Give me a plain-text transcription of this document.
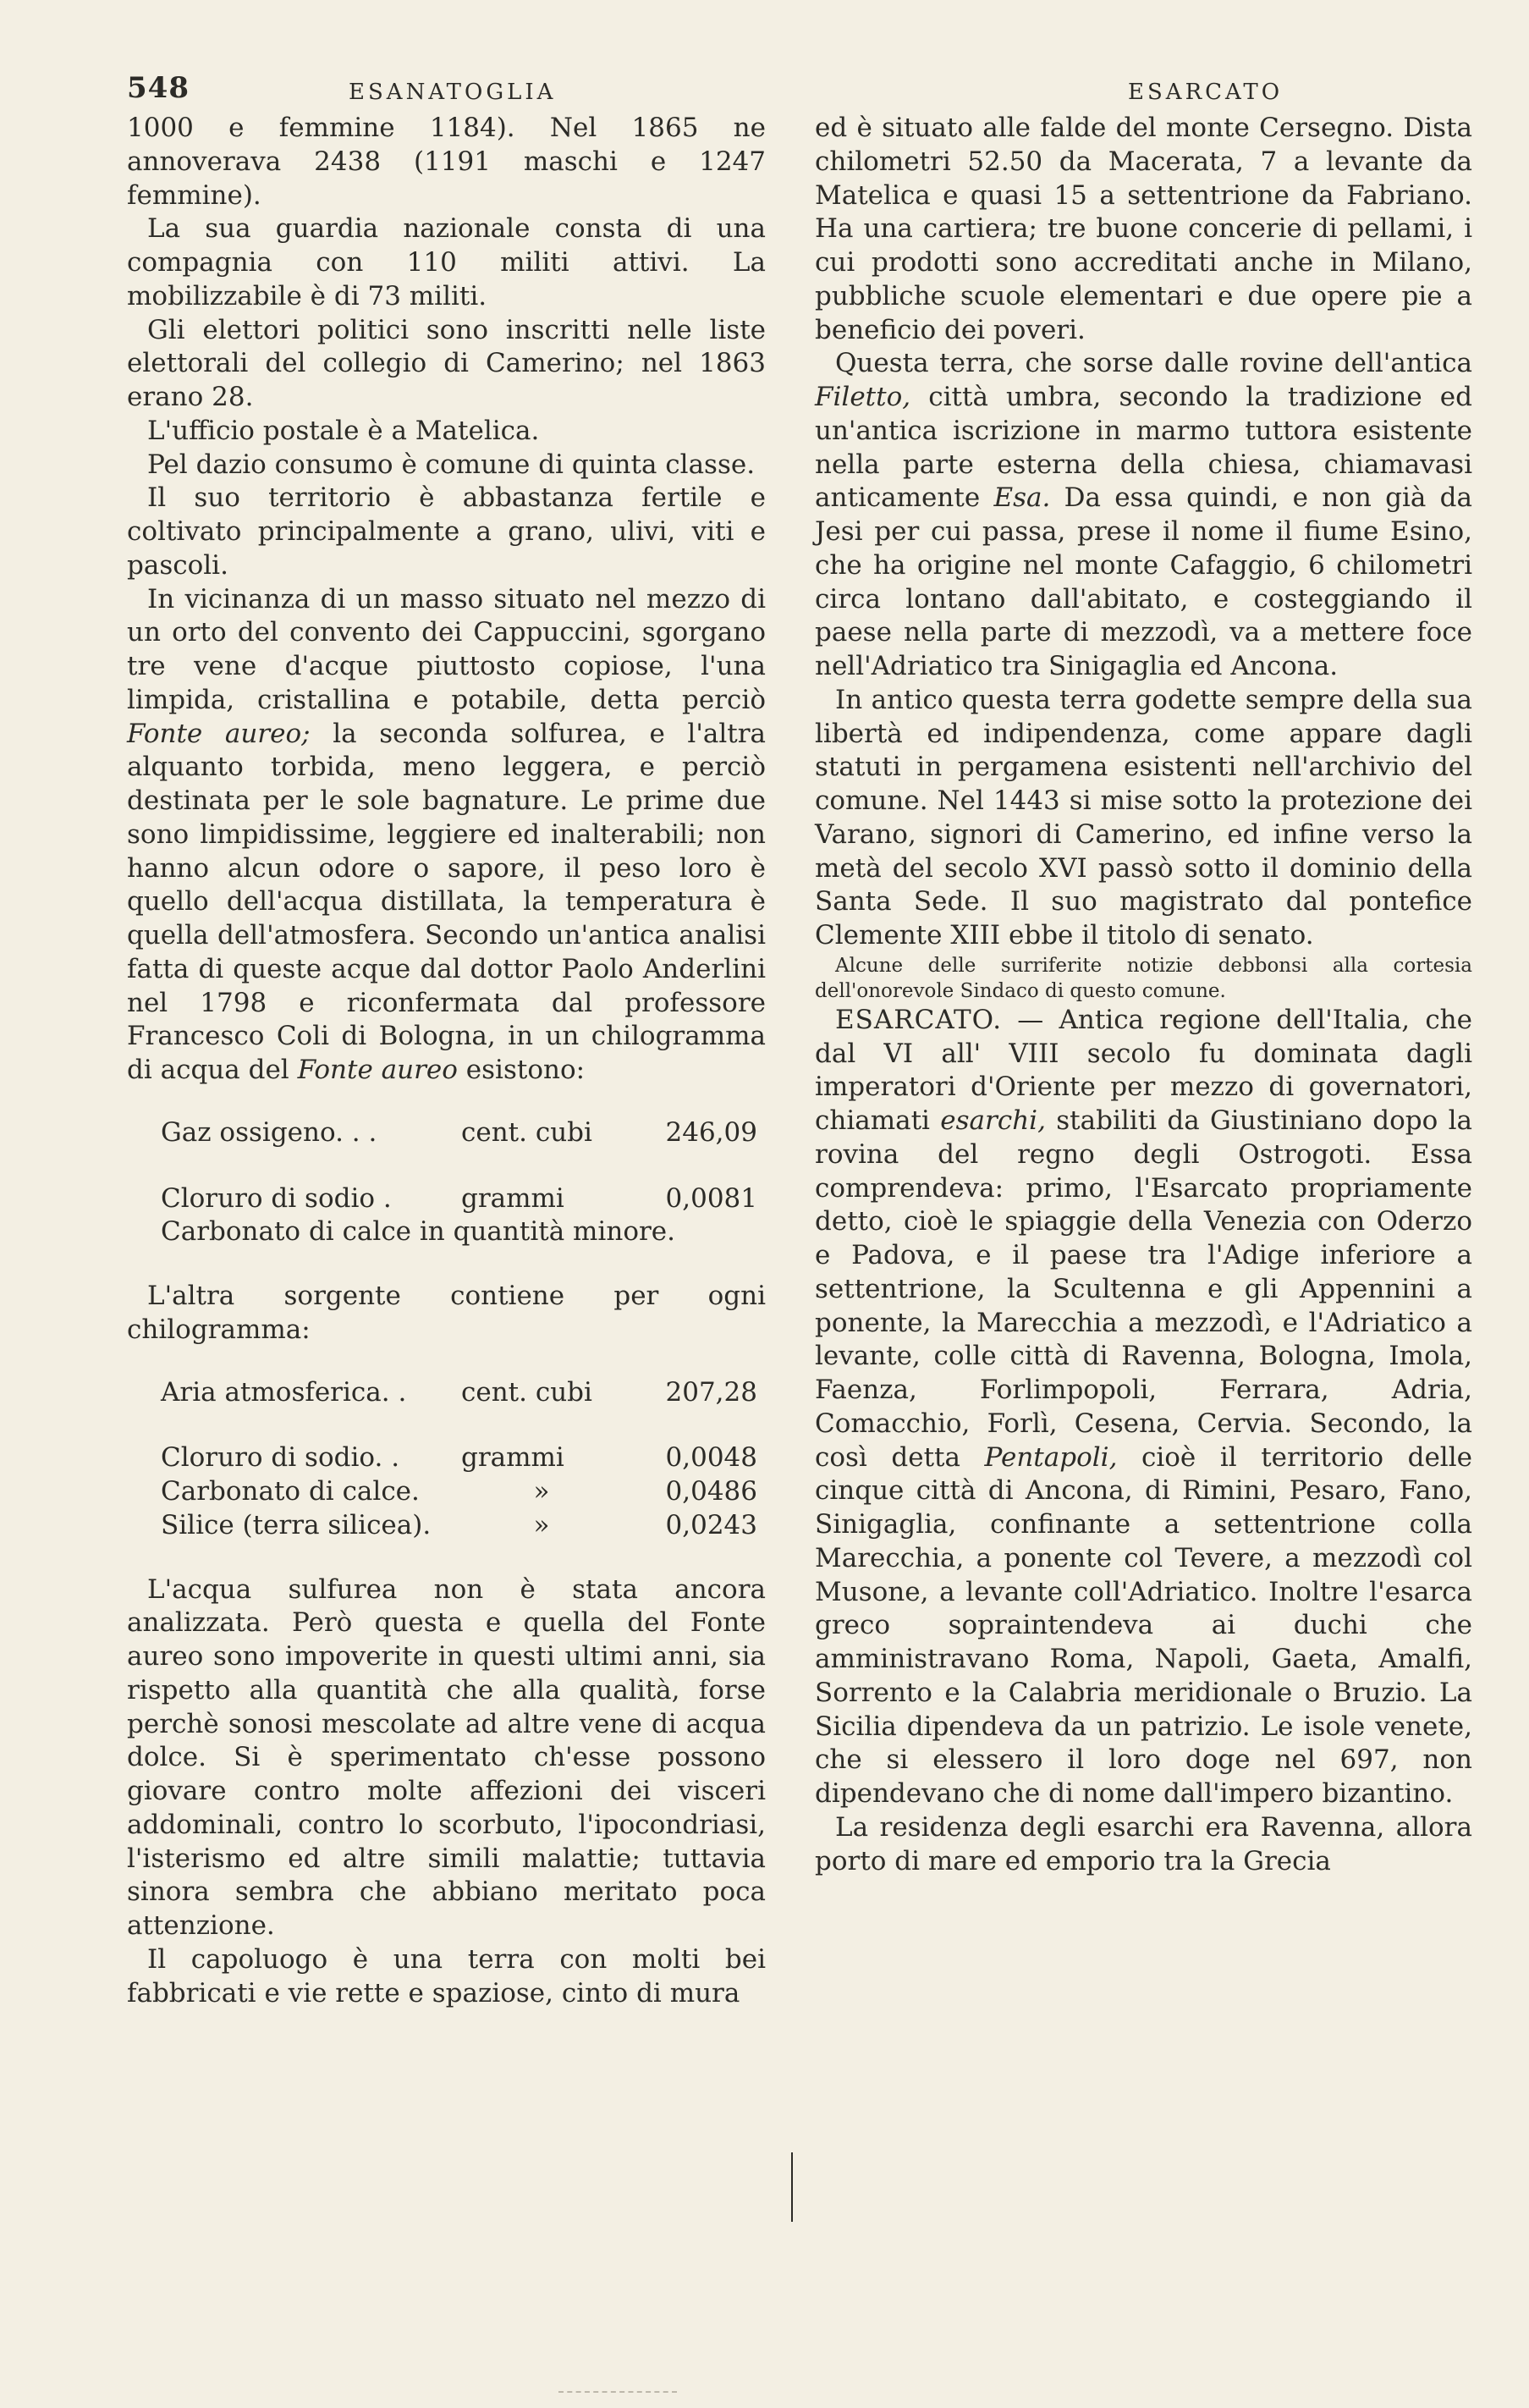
548	ESANATOGLIA	ESARCATO

1000 e femmine 1184). Nel 1865 ne annoverava 2438 (1191 maschi e 1247 femmine).

La sua guardia nazionale consta di una compagnia con 110 militi attivi. La mobilizzabile è di 73 militi.

Gli elettori politici sono inscritti nelle liste elettorali del collegio di Camerino; nel 1863 erano 28.

L'ufficio postale è a Matelica.

Pel dazio consumo è comune di quinta classe.

Il suo territorio è abbastanza fertile e coltivato principalmente a grano, ulivi, viti e pascoli.

In vicinanza di un masso situato nel mezzo di un orto del convento dei Cappuccini, sgorgano tre vene d'acque piuttosto copiose, l'una limpida, cristallina e potabile, detta perciò Fonte aureo; la seconda solfurea, e l'altra alquanto torbida, meno leggera, e perciò destinata per le sole bagnature. Le prime due sono limpidissime, leggiere ed inalterabili; non hanno alcun odore o sapore, il peso loro è quello dell'acqua distillata, la temperatura è quella dell'atmosfera. Secondo un'antica analisi fatta di queste acque dal dottor Paolo Anderlini nel 1798 e riconfermata dal professore Francesco Coli di Bologna, in un chilogramma di acqua del Fonte aureo esistono:

Gaz ossigeno. . .	cent. cubi	246,09
Cloruro di sodio .	grammi	0,0081
Carbonato di calce in quantità minore.

L'altra sorgente contiene per ogni chilogramma:

Aria atmosferica. .	cent. cubi	207,28
Cloruro di sodio. .	grammi	0,0048
Carbonato di calce.	»	0,0486
Silice (terra silicea).	»	0,0243

L'acqua sulfurea non è stata ancora analizzata. Però questa e quella del Fonte aureo sono impoverite in questi ultimi anni, sia rispetto alla quantità che alla qualità, forse perchè sonosi mescolate ad altre vene di acqua dolce. Si è sperimentato ch'esse possono giovare contro molte affezioni dei visceri addominali, contro lo scorbuto, l'ipocondriasi, l'isterismo ed altre simili malattie; tuttavia sinora sembra che abbiano meritato poca attenzione.

Il capoluogo è una terra con molti bei fabbricati e vie rette e spaziose, cinto di mura

ed è situato alle falde del monte Cersegno. Dista chilometri 52.50 da Macerata, 7 a levante da Matelica e quasi 15 a settentrione da Fabriano. Ha una cartiera; tre buone concerie di pellami, i cui prodotti sono accreditati anche in Milano, pubbliche scuole elementari e due opere pie a beneficio dei poveri.

Questa terra, che sorse dalle rovine dell'antica Filetto, città umbra, secondo la tradizione ed un'antica iscrizione in marmo tuttora esistente nella parte esterna della chiesa, chiamavasi anticamente Esa. Da essa quindi, e non già da Jesi per cui passa, prese il nome il fiume Esino, che ha origine nel monte Cafaggio, 6 chilometri circa lontano dall'abitato, e costeggiando il paese nella parte di mezzodì, va a mettere foce nell'Adriatico tra Sinigaglia ed Ancona.

In antico questa terra godette sempre della sua libertà ed indipendenza, come appare dagli statuti in pergamena esistenti nell'archivio del comune. Nel 1443 si mise sotto la protezione dei Varano, signori di Camerino, ed infine verso la metà del secolo XVI passò sotto il dominio della Santa Sede. Il suo magistrato dal pontefice Clemente XIII ebbe il titolo di senato.

Alcune delle surriferite notizie debbonsi alla cortesia dell'onorevole Sindaco di questo comune.

ESARCATO. — Antica regione dell'Italia, che dal VI all' VIII secolo fu dominata dagli imperatori d'Oriente per mezzo di governatori, chiamati esarchi, stabiliti da Giustiniano dopo la rovina del regno degli Ostrogoti. Essa comprendeva: primo, l'Esarcato propriamente detto, cioè le spiaggie della Venezia con Oderzo e Padova, e il paese tra l'Adige inferiore a settentrione, la Scultenna e gli Appennini a ponente, la Marecchia a mezzodì, e l'Adriatico a levante, colle città di Ravenna, Bologna, Imola, Faenza, Forlimpopoli, Ferrara, Adria, Comacchio, Forlì, Cesena, Cervia. Secondo, la così detta Pentapoli, cioè il territorio delle cinque città di Ancona, di Rimini, Pesaro, Fano, Sinigaglia, confinante a settentrione colla Marecchia, a ponente col Tevere, a mezzodì col Musone, a levante coll'Adriatico. Inoltre l'esarca greco sopraintendeva ai duchi che amministravano Roma, Napoli, Gaeta, Amalfi, Sorrento e la Calabria meridionale o Bruzio. La Sicilia dipendeva da un patrizio. Le isole venete, che si elessero il loro doge nel 697, non dipendevano che di nome dall'impero bizantino.

La residenza degli esarchi era Ravenna, allora porto di mare ed emporio tra la Grecia
